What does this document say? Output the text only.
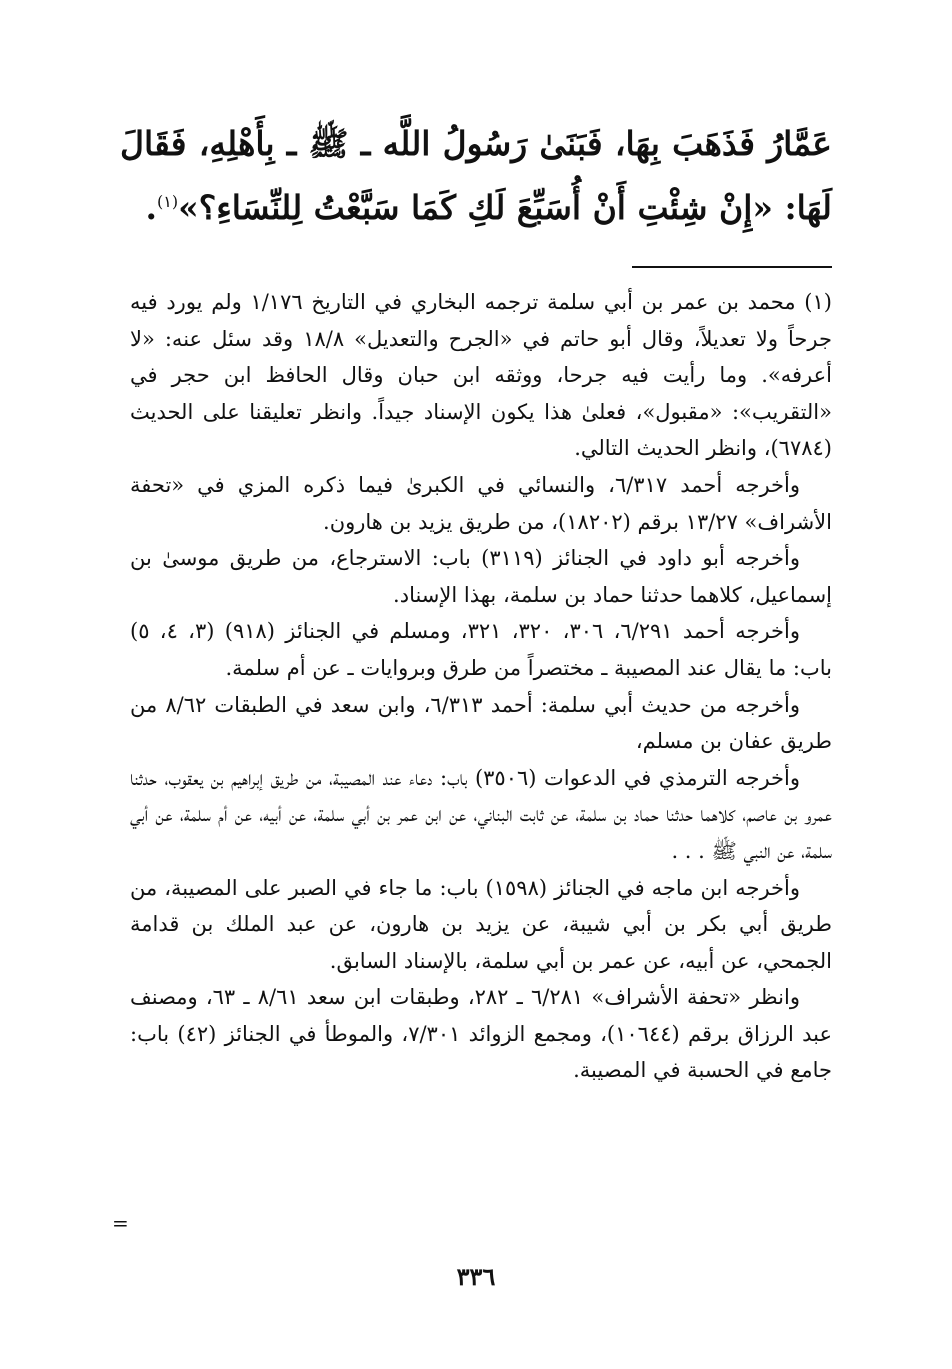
عَمَّارُ فَذَهَبَ بِهَا، فَبَنَىٰ رَسُولُ اللَّه ـ ﷺ ـ بِأَهْلِهِ، فَقَالَ لَهَا: «إِنْ شِئْتِ أَنْ أُسَبِّعَ لَكِ كَمَا سَبَّعْتُ لِلنِّسَاءِ؟»$^{(١)}$.

(١) محمد بن عمر بن أبي سلمة ترجمه البخاري في التاريخ ١/١٧٦ ولم يورد فيه جرحاً ولا تعديلاً، وقال أبو حاتم في «الجرح والتعديل» ١٨/٨ وقد سئل عنه: «لا أعرفه». وما رأيت فيه جرحا، ووثقه ابن حبان وقال الحافظ ابن حجر في «التقريب»: «مقبول»، فعلىٰ هذا يكون الإسناد جيداً. وانظر تعليقنا على الحديث (٦٧٨٤)، وانظر الحديث التالي.

وأخرجه أحمد ٦/٣١٧، والنسائي في الكبرىٰ فيما ذكره المزي في «تحفة الأشراف» ١٣/٢٧ برقم (١٨٢٠٢)، من طريق يزيد بن هارون.

وأخرجه أبو داود في الجنائز (٣١١٩) باب: الاسترجاع، من طريق موسىٰ بن إسماعيل، كلاهما حدثنا حماد بن سلمة، بهذا الإسناد.

وأخرجه أحمد ٦/٢٩١، ٣٠٦، ٣٢٠، ٣٢١، ومسلم في الجنائز (٩١٨) (٣، ٤، ٥) باب: ما يقال عند المصيبة ـ مختصراً من طرق وبروايات ـ عن أم سلمة.

وأخرجه من حديث أبي سلمة: أحمد ٦/٣١٣، وابن سعد في الطبقات ٨/٦٢ من طريق عفان بن مسلم،

وأخرجه الترمذي في الدعوات (٣٥٠٦) باب: دعاء عند المصيبة، من طريق إبراهيم بن يعقوب، حدثنا عمرو بن عاصم، كلاهما حدثنا حماد بن سلمة، عن ثابت البناني، عن ابن عمر بن أبي سلمة، عن أبيه، عن أم سلمة، عن أبي سلمة، عن النبي ﷺ . . .

وأخرجه ابن ماجه في الجنائز (١٥٩٨) باب: ما جاء في الصبر على المصيبة، من طريق أبي بكر بن أبي شيبة، عن يزيد بن هارون، عن عبد الملك بن قدامة الجمحي، عن أبيه، عن عمر بن أبي سلمة، بالإسناد السابق.

وانظر «تحفة الأشراف» ٦/٢٨١ ـ ٢٨٢، وطبقات ابن سعد ٨/٦١ ـ ٦٣، ومصنف عبد الرزاق برقم (١٠٦٤٤)، ومجمع الزوائد ٧/٣٠١، والموطأ في الجنائز (٤٢) باب: جامع في الحسبة في المصيبة.

=
٣٣٦
